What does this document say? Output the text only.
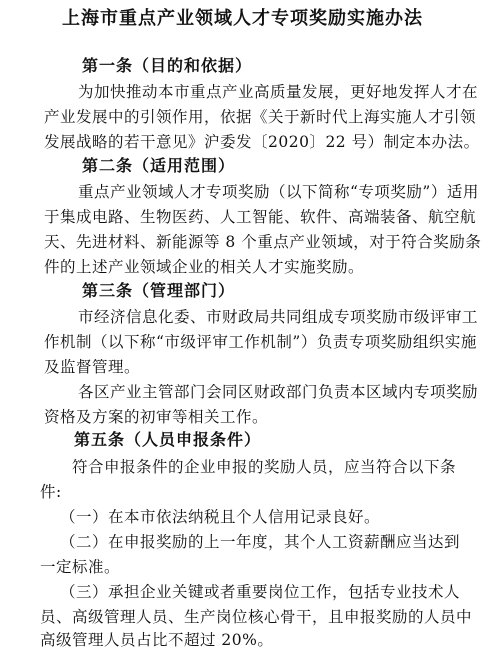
上海市重点产业领域人才专项奖励实施办法
第一条（目的和依据）
为加快推动本市重点产业高质量发展，更好地发挥人才在
产业发展中的引领作用，依据《关于新时代上海实施人才引领
发展战略的若干意见》沪委发〔2020〕22 号）制定本办法。
第二条（适用范围）
重点产业领域人才专项奖励（以下简称“专项奖励”）适用
于集成电路、生物医药、人工智能、软件、高端装备、航空航
天、先进材料、新能源等 8 个重点产业领域，对于符合奖励条
件的上述产业领域企业的相关人才实施奖励。
第三条（管理部门）
市经济信息化委、市财政局共同组成专项奖励市级评审工
作机制（以下称“市级评审工作机制”）负责专项奖励组织实施
及监督管理。
各区产业主管部门会同区财政部门负责本区域内专项奖励
资格及方案的初审等相关工作。
第五条（人员申报条件）
符合申报条件的企业申报的奖励人员，应当符合以下条
件:
（一）在本市依法纳税且个人信用记录良好。
（二）在申报奖励的上一年度，其个人工资薪酬应当达到
一定标准。
（三）承担企业关键或者重要岗位工作，包括专业技术人
员、高级管理人员、生产岗位核心骨干，且申报奖励的人员中
高级管理人员占比不超过 20%。
